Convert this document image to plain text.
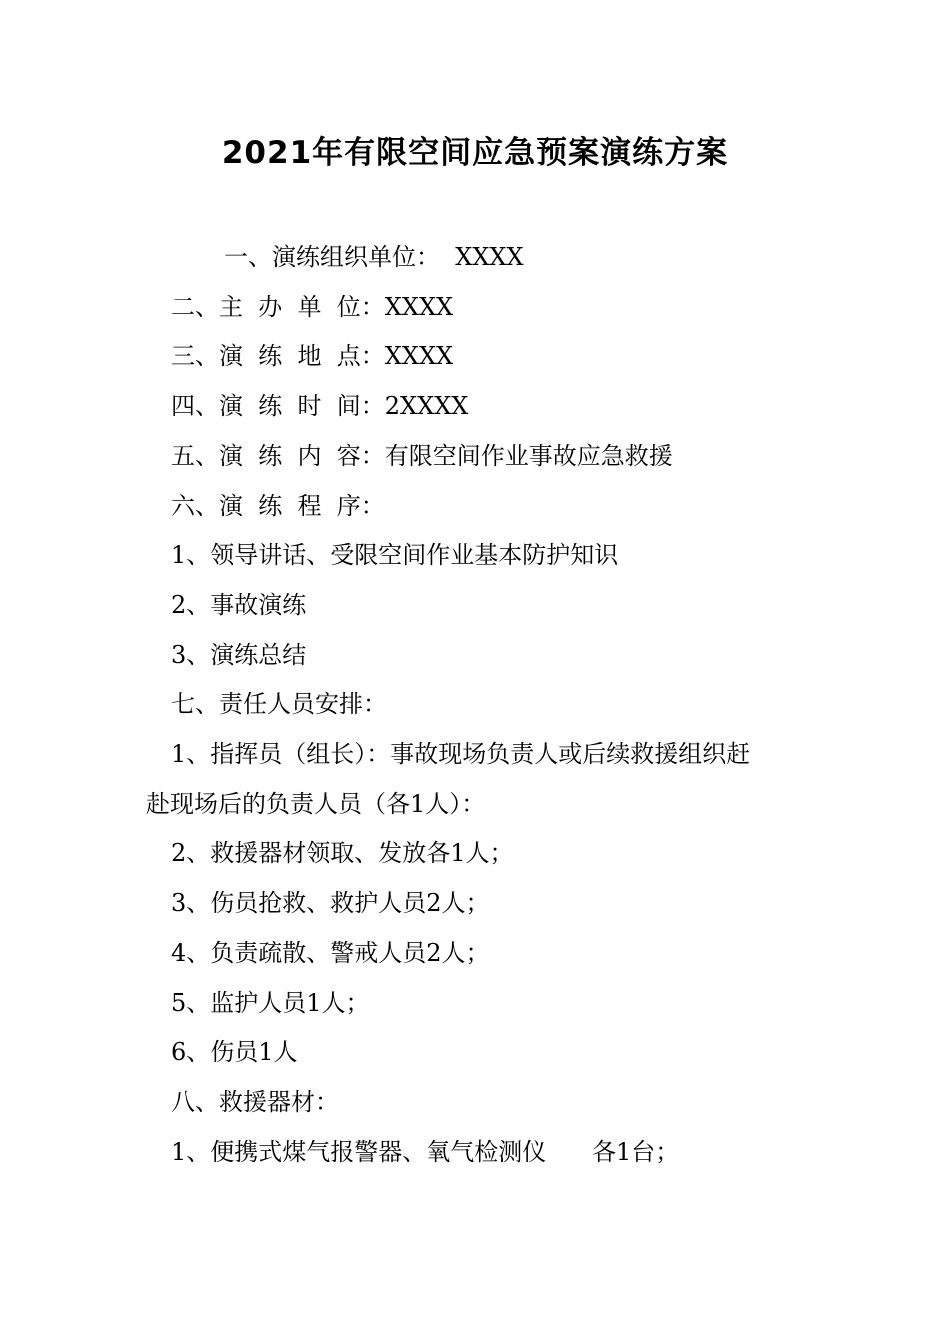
2021年有限空间应急预案演练方案

一、演练组织单位：  XXXX

二、主  办  单  位：XXXX

三、演  练  地  点：XXXX

四、演  练  时  间：2XXXX

五、演  练  内  容：有限空间作业事故应急救援

六、演  练  程  序：

1、领导讲话、受限空间作业基本防护知识

2、事故演练

3、演练总结

七、责任人员安排：

1、指挥员（组长）：事故现场负责人或后续救援组织赶

赴现场后的负责人员（各1人）：

2、救援器材领取、发放各1人；

3、伤员抢救、救护人员2人；

4、负责疏散、警戒人员2人；

5、监护人员1人；

6、伤员1人

八、救援器材：

1、便携式煤气报警器、氧气检测仪      各1台；
